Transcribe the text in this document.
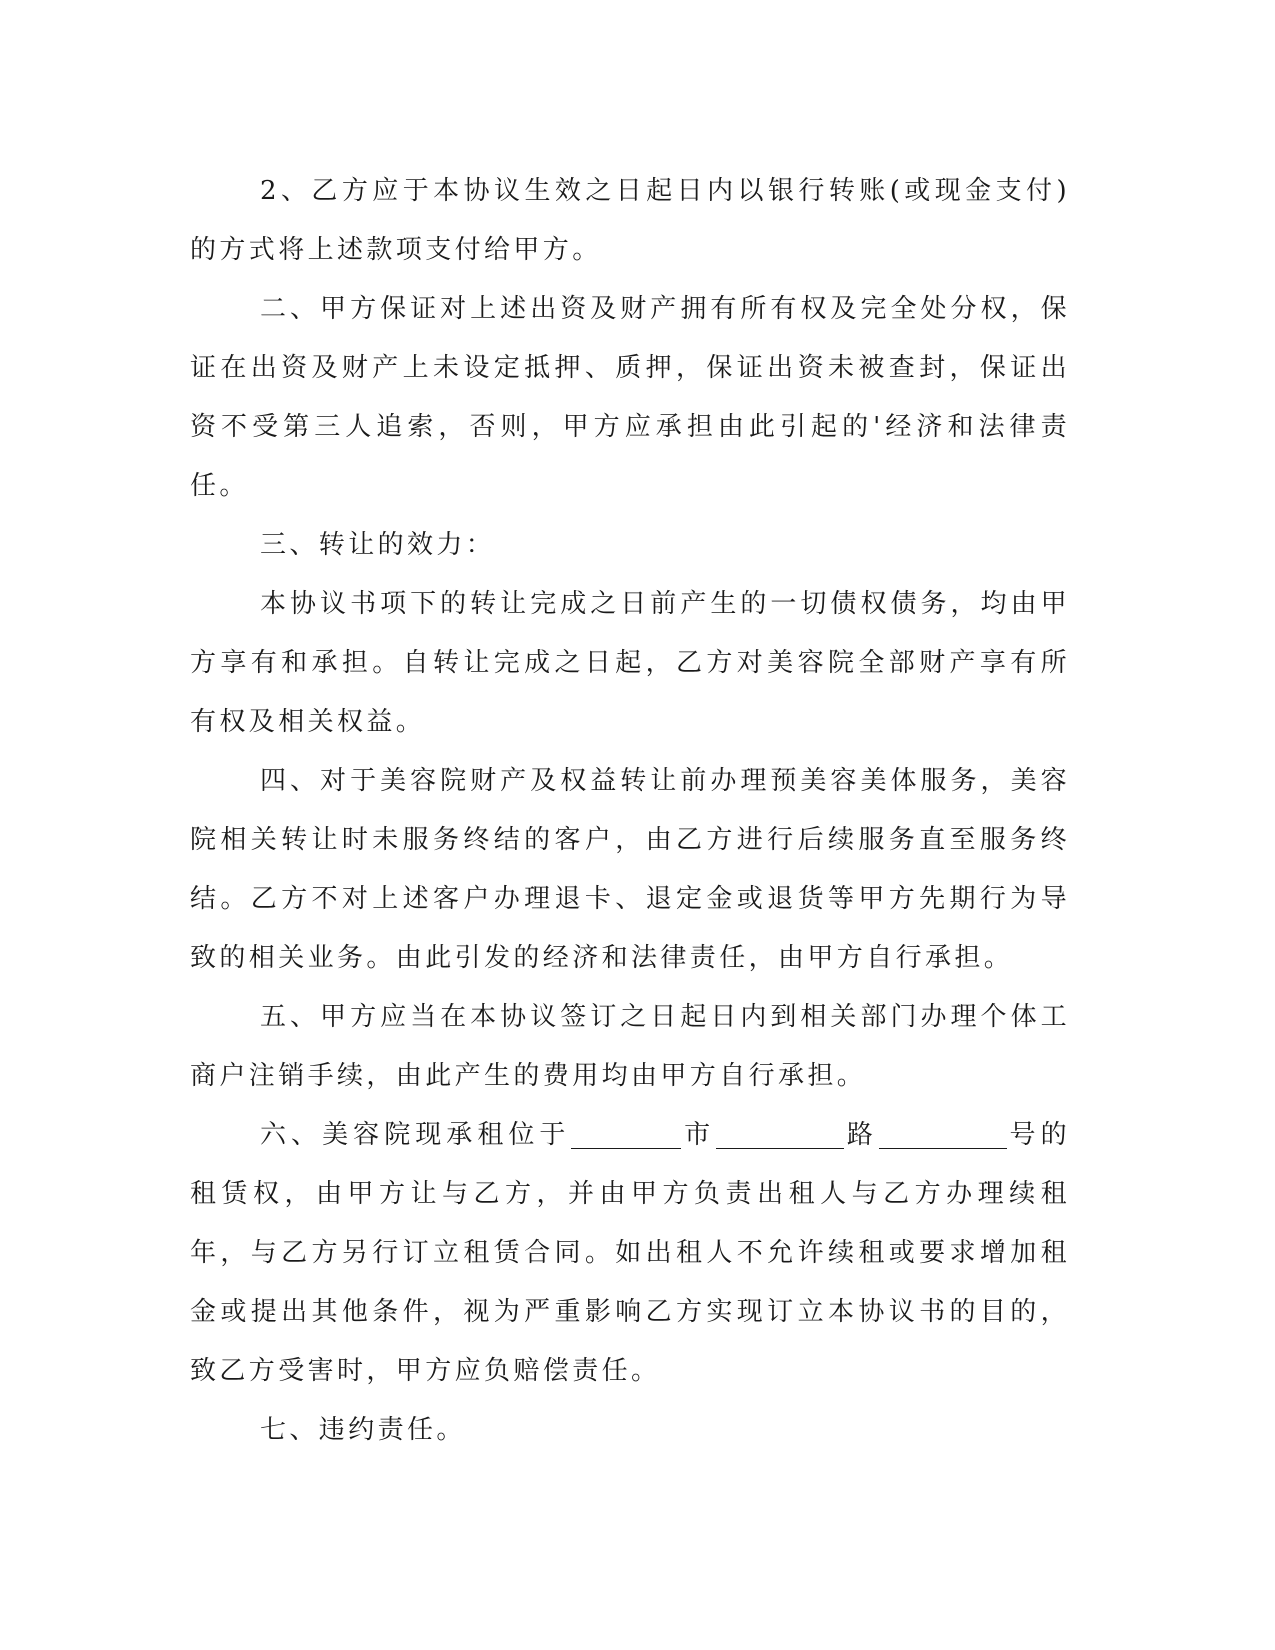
2、乙方应于本协议生效之日起日内以银行转账(或现金支付)的方式将上述款项支付给甲方。

二、甲方保证对上述出资及财产拥有所有权及完全处分权，保证在出资及财产上未设定抵押、质押，保证出资未被查封，保证出资不受第三人追索，否则，甲方应承担由此引起的'经济和法律责任。

三、转让的效力：

本协议书项下的转让完成之日前产生的一切债权债务，均由甲方享有和承担。自转让完成之日起，乙方对美容院全部财产享有所有权及相关权益。

四、对于美容院财产及权益转让前办理预美容美体服务，美容院相关转让时未服务终结的客户，由乙方进行后续服务直至服务终结。乙方不对上述客户办理退卡、退定金或退货等甲方先期行为导致的相关业务。由此引发的经济和法律责任，由甲方自行承担。

五、甲方应当在本协议签订之日起日内到相关部门办理个体工商户注销手续，由此产生的费用均由甲方自行承担。

六、美容院现承租位于	市	路	号的租赁权，由甲方让与乙方，并由甲方负责出租人与乙方办理续租年，与乙方另行订立租赁合同。如出租人不允许续租或要求增加租金或提出其他条件，视为严重影响乙方实现订立本协议书的目的，致乙方受害时，甲方应负赔偿责任。

七、违约责任。
